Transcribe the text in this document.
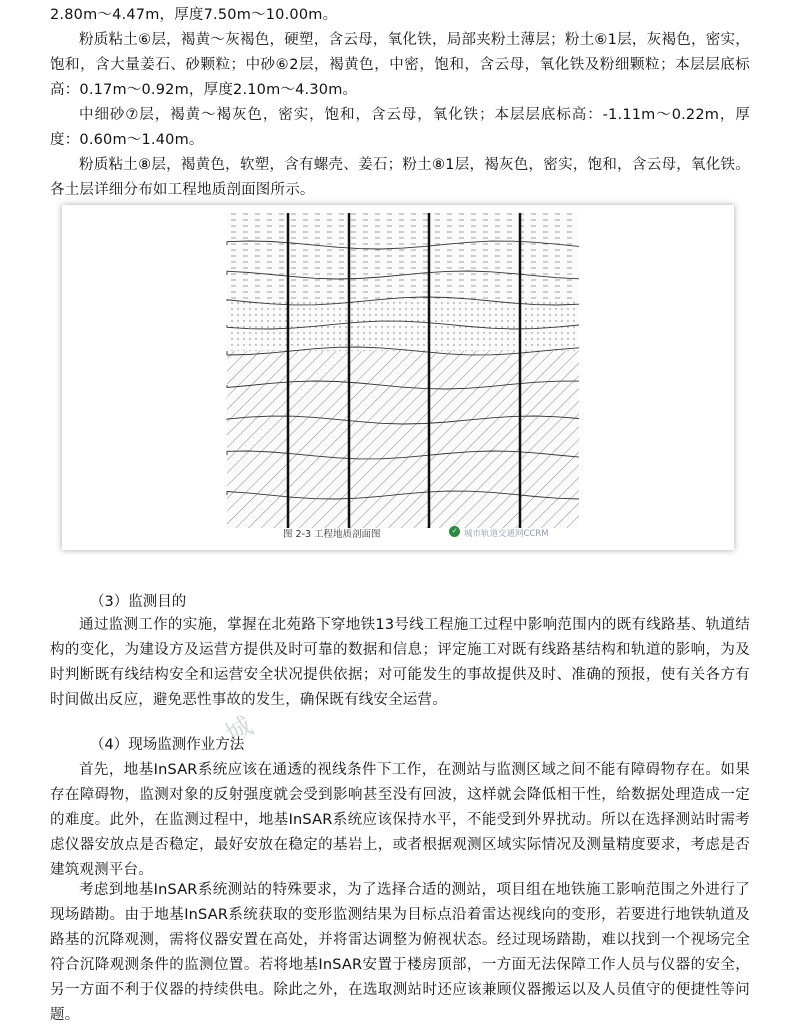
2.80m～4.47m，厚度7.50m～10.00m。

粉质粘土⑥层，褐黄～灰褐色，硬塑，含云母，氧化铁，局部夹粉土薄层；粉土⑥1层，灰褐色，密实，饱和，含大量姜石、砂颗粒；中砂⑥2层，褐黄色，中密，饱和，含云母，氧化铁及粉细颗粒；本层层底标高：0.17m～0.92m，厚度2.10m～4.30m。

中细砂⑦层，褐黄～褐灰色，密实，饱和，含云母，氧化铁；本层层底标高：-1.11m～0.22m，厚度：0.60m～1.40m。

粉质粘土⑧层，褐黄色，软塑，含有螺壳、姜石；粉土⑧1层，褐灰色，密实，饱和，含云母，氧化铁。各土层详细分布如工程地质剖面图所示。

城
图 2-3 工程地质剖面图	✓ 城市轨道交通网CCRM

（3）监测目的

通过监测工作的实施，掌握在北苑路下穿地铁13号线工程施工过程中影响范围内的既有线路基、轨道结构的变化，为建设方及运营方提供及时可靠的数据和信息；评定施工对既有线路基结构和轨道的影响，为及时判断既有线结构安全和运营安全状况提供依据；对可能发生的事故提供及时、准确的预报，使有关各方有时间做出反应，避免恶性事故的发生，确保既有线安全运营。

（4）现场监测作业方法

首先，地基InSAR系统应该在通透的视线条件下工作，在测站与监测区域之间不能有障碍物存在。如果存在障碍物，监测对象的反射强度就会受到影响甚至没有回波，这样就会降低相干性，给数据处理造成一定的难度。此外，在监测过程中，地基InSAR系统应该保持水平，不能受到外界扰动。所以在选择测站时需考虑仪器安放点是否稳定，最好安放在稳定的基岩上，或者根据观测区域实际情况及测量精度要求，考虑是否建筑观测平台。

考虑到地基InSAR系统测站的特殊要求，为了选择合适的测站，项目组在地铁施工影响范围之外进行了现场踏勘。由于地基InSAR系统获取的变形监测结果为目标点沿着雷达视线向的变形，若要进行地铁轨道及路基的沉降观测，需将仪器安置在高处，并将雷达调整为俯视状态。经过现场踏勘，难以找到一个视场完全符合沉降观测条件的监测位置。若将地基InSAR安置于楼房顶部，一方面无法保障工作人员与仪器的安全，另一方面不利于仪器的持续供电。除此之外，在选取测站时还应该兼顾仪器搬运以及人员值守的便捷性等问题。
